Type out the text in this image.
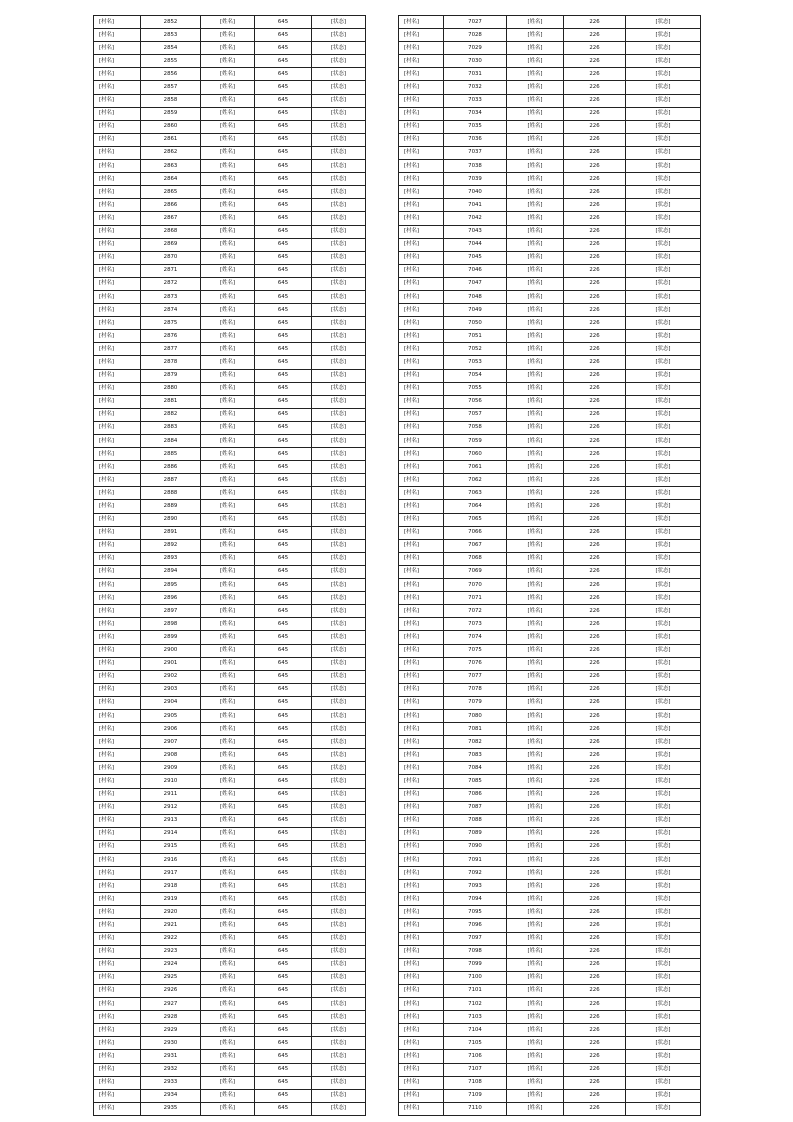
[村名]	2852	[姓名]	645	[状态]
[村名]	2853	[姓名]	645	[状态]
[村名]	2854	[姓名]	645	[状态]
[村名]	2855	[姓名]	645	[状态]
[村名]	2856	[姓名]	645	[状态]
[村名]	2857	[姓名]	645	[状态]
[村名]	2858	[姓名]	645	[状态]
[村名]	2859	[姓名]	645	[状态]
[村名]	2860	[姓名]	645	[状态]
[村名]	2861	[姓名]	645	[状态]
[村名]	2862	[姓名]	645	[状态]
[村名]	2863	[姓名]	645	[状态]
[村名]	2864	[姓名]	645	[状态]
[村名]	2865	[姓名]	645	[状态]
[村名]	2866	[姓名]	645	[状态]
[村名]	2867	[姓名]	645	[状态]
[村名]	2868	[姓名]	645	[状态]
[村名]	2869	[姓名]	645	[状态]
[村名]	2870	[姓名]	645	[状态]
[村名]	2871	[姓名]	645	[状态]
[村名]	2872	[姓名]	645	[状态]
[村名]	2873	[姓名]	645	[状态]
[村名]	2874	[姓名]	645	[状态]
[村名]	2875	[姓名]	645	[状态]
[村名]	2876	[姓名]	645	[状态]
[村名]	2877	[姓名]	645	[状态]
[村名]	2878	[姓名]	645	[状态]
[村名]	2879	[姓名]	645	[状态]
[村名]	2880	[姓名]	645	[状态]
[村名]	2881	[姓名]	645	[状态]
[村名]	2882	[姓名]	645	[状态]
[村名]	2883	[姓名]	645	[状态]
[村名]	2884	[姓名]	645	[状态]
[村名]	2885	[姓名]	645	[状态]
[村名]	2886	[姓名]	645	[状态]
[村名]	2887	[姓名]	645	[状态]
[村名]	2888	[姓名]	645	[状态]
[村名]	2889	[姓名]	645	[状态]
[村名]	2890	[姓名]	645	[状态]
[村名]	2891	[姓名]	645	[状态]
[村名]	2892	[姓名]	645	[状态]
[村名]	2893	[姓名]	645	[状态]
[村名]	2894	[姓名]	645	[状态]
[村名]	2895	[姓名]	645	[状态]
[村名]	2896	[姓名]	645	[状态]
[村名]	2897	[姓名]	645	[状态]
[村名]	2898	[姓名]	645	[状态]
[村名]	2899	[姓名]	645	[状态]
[村名]	2900	[姓名]	645	[状态]
[村名]	2901	[姓名]	645	[状态]
[村名]	2902	[姓名]	645	[状态]
[村名]	2903	[姓名]	645	[状态]
[村名]	2904	[姓名]	645	[状态]
[村名]	2905	[姓名]	645	[状态]
[村名]	2906	[姓名]	645	[状态]
[村名]	2907	[姓名]	645	[状态]
[村名]	2908	[姓名]	645	[状态]
[村名]	2909	[姓名]	645	[状态]
[村名]	2910	[姓名]	645	[状态]
[村名]	2911	[姓名]	645	[状态]
[村名]	2912	[姓名]	645	[状态]
[村名]	2913	[姓名]	645	[状态]
[村名]	2914	[姓名]	645	[状态]
[村名]	2915	[姓名]	645	[状态]
[村名]	2916	[姓名]	645	[状态]
[村名]	2917	[姓名]	645	[状态]
[村名]	2918	[姓名]	645	[状态]
[村名]	2919	[姓名]	645	[状态]
[村名]	2920	[姓名]	645	[状态]
[村名]	2921	[姓名]	645	[状态]
[村名]	2922	[姓名]	645	[状态]
[村名]	2923	[姓名]	645	[状态]
[村名]	2924	[姓名]	645	[状态]
[村名]	2925	[姓名]	645	[状态]
[村名]	2926	[姓名]	645	[状态]
[村名]	2927	[姓名]	645	[状态]
[村名]	2928	[姓名]	645	[状态]
[村名]	2929	[姓名]	645	[状态]
[村名]	2930	[姓名]	645	[状态]
[村名]	2931	[姓名]	645	[状态]
[村名]	2932	[姓名]	645	[状态]
[村名]	2933	[姓名]	645	[状态]
[村名]	2934	[姓名]	645	[状态]
[村名]	2935	[姓名]	645	[状态]
[村名]	7027	[姓名]	226	[状态]
[村名]	7028	[姓名]	226	[状态]
[村名]	7029	[姓名]	226	[状态]
[村名]	7030	[姓名]	226	[状态]
[村名]	7031	[姓名]	226	[状态]
[村名]	7032	[姓名]	226	[状态]
[村名]	7033	[姓名]	226	[状态]
[村名]	7034	[姓名]	226	[状态]
[村名]	7035	[姓名]	226	[状态]
[村名]	7036	[姓名]	226	[状态]
[村名]	7037	[姓名]	226	[状态]
[村名]	7038	[姓名]	226	[状态]
[村名]	7039	[姓名]	226	[状态]
[村名]	7040	[姓名]	226	[状态]
[村名]	7041	[姓名]	226	[状态]
[村名]	7042	[姓名]	226	[状态]
[村名]	7043	[姓名]	226	[状态]
[村名]	7044	[姓名]	226	[状态]
[村名]	7045	[姓名]	226	[状态]
[村名]	7046	[姓名]	226	[状态]
[村名]	7047	[姓名]	226	[状态]
[村名]	7048	[姓名]	226	[状态]
[村名]	7049	[姓名]	226	[状态]
[村名]	7050	[姓名]	226	[状态]
[村名]	7051	[姓名]	226	[状态]
[村名]	7052	[姓名]	226	[状态]
[村名]	7053	[姓名]	226	[状态]
[村名]	7054	[姓名]	226	[状态]
[村名]	7055	[姓名]	226	[状态]
[村名]	7056	[姓名]	226	[状态]
[村名]	7057	[姓名]	226	[状态]
[村名]	7058	[姓名]	226	[状态]
[村名]	7059	[姓名]	226	[状态]
[村名]	7060	[姓名]	226	[状态]
[村名]	7061	[姓名]	226	[状态]
[村名]	7062	[姓名]	226	[状态]
[村名]	7063	[姓名]	226	[状态]
[村名]	7064	[姓名]	226	[状态]
[村名]	7065	[姓名]	226	[状态]
[村名]	7066	[姓名]	226	[状态]
[村名]	7067	[姓名]	226	[状态]
[村名]	7068	[姓名]	226	[状态]
[村名]	7069	[姓名]	226	[状态]
[村名]	7070	[姓名]	226	[状态]
[村名]	7071	[姓名]	226	[状态]
[村名]	7072	[姓名]	226	[状态]
[村名]	7073	[姓名]	226	[状态]
[村名]	7074	[姓名]	226	[状态]
[村名]	7075	[姓名]	226	[状态]
[村名]	7076	[姓名]	226	[状态]
[村名]	7077	[姓名]	226	[状态]
[村名]	7078	[姓名]	226	[状态]
[村名]	7079	[姓名]	226	[状态]
[村名]	7080	[姓名]	226	[状态]
[村名]	7081	[姓名]	226	[状态]
[村名]	7082	[姓名]	226	[状态]
[村名]	7083	[姓名]	226	[状态]
[村名]	7084	[姓名]	226	[状态]
[村名]	7085	[姓名]	226	[状态]
[村名]	7086	[姓名]	226	[状态]
[村名]	7087	[姓名]	226	[状态]
[村名]	7088	[姓名]	226	[状态]
[村名]	7089	[姓名]	226	[状态]
[村名]	7090	[姓名]	226	[状态]
[村名]	7091	[姓名]	226	[状态]
[村名]	7092	[姓名]	226	[状态]
[村名]	7093	[姓名]	226	[状态]
[村名]	7094	[姓名]	226	[状态]
[村名]	7095	[姓名]	226	[状态]
[村名]	7096	[姓名]	226	[状态]
[村名]	7097	[姓名]	226	[状态]
[村名]	7098	[姓名]	226	[状态]
[村名]	7099	[姓名]	226	[状态]
[村名]	7100	[姓名]	226	[状态]
[村名]	7101	[姓名]	226	[状态]
[村名]	7102	[姓名]	226	[状态]
[村名]	7103	[姓名]	226	[状态]
[村名]	7104	[姓名]	226	[状态]
[村名]	7105	[姓名]	226	[状态]
[村名]	7106	[姓名]	226	[状态]
[村名]	7107	[姓名]	226	[状态]
[村名]	7108	[姓名]	226	[状态]
[村名]	7109	[姓名]	226	[状态]
[村名]	7110	[姓名]	226	[状态]
